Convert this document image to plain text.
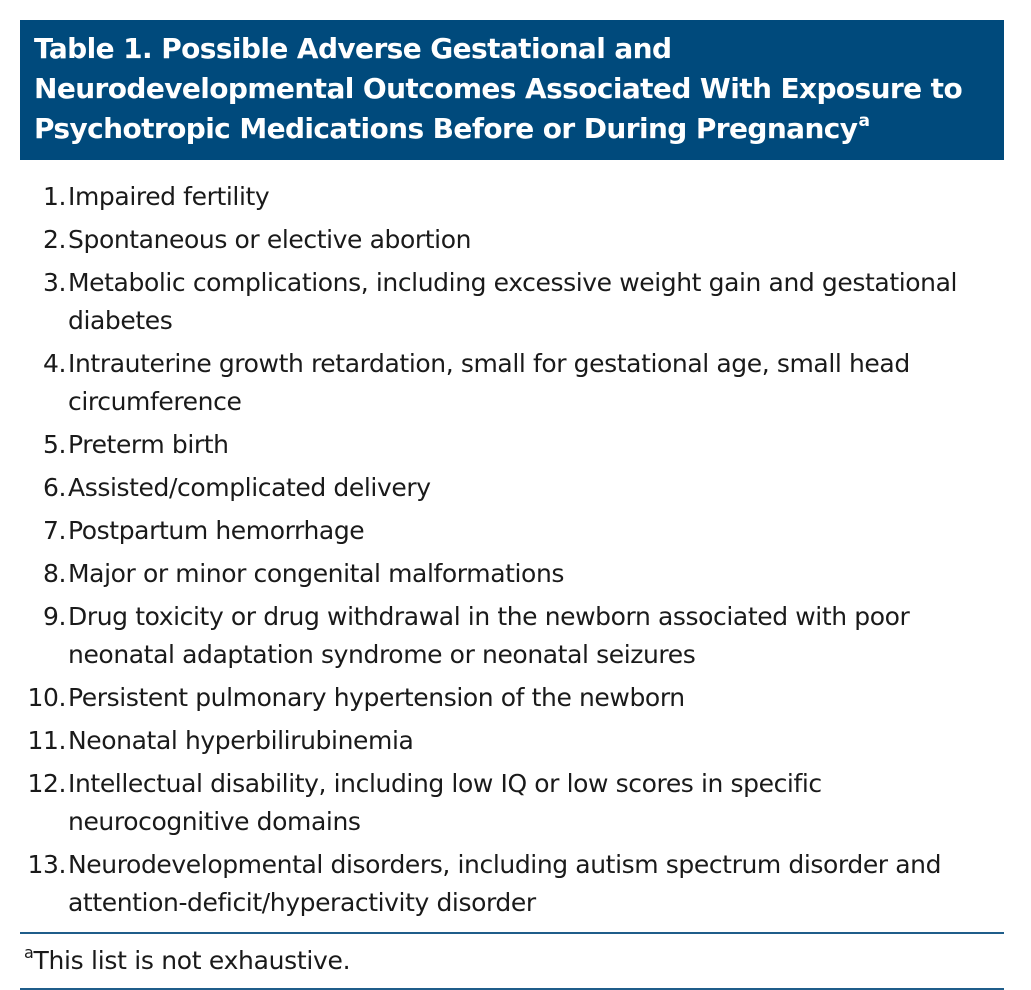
Table 1. Possible Adverse Gestational and Neurodevelopmental Outcomes Associated With Exposure to Psychotropic Medications Before or During Pregnancy$^a$

1. Impaired fertility
2. Spontaneous or elective abortion
3. Metabolic complications, including excessive weight gain and gestational diabetes
4. Intrauterine growth retardation, small for gestational age, small head circumference
5. Preterm birth
6. Assisted/complicated delivery
7. Postpartum hemorrhage
8. Major or minor congenital malformations
9. Drug toxicity or drug withdrawal in the newborn associated with poor neonatal adaptation syndrome or neonatal seizures
10. Persistent pulmonary hypertension of the newborn
11. Neonatal hyperbilirubinemia
12. Intellectual disability, including low IQ or low scores in specific neurocognitive domains
13. Neurodevelopmental disorders, including autism spectrum disorder and attention-deficit/hyperactivity disorder
$^a$This list is not exhaustive.
